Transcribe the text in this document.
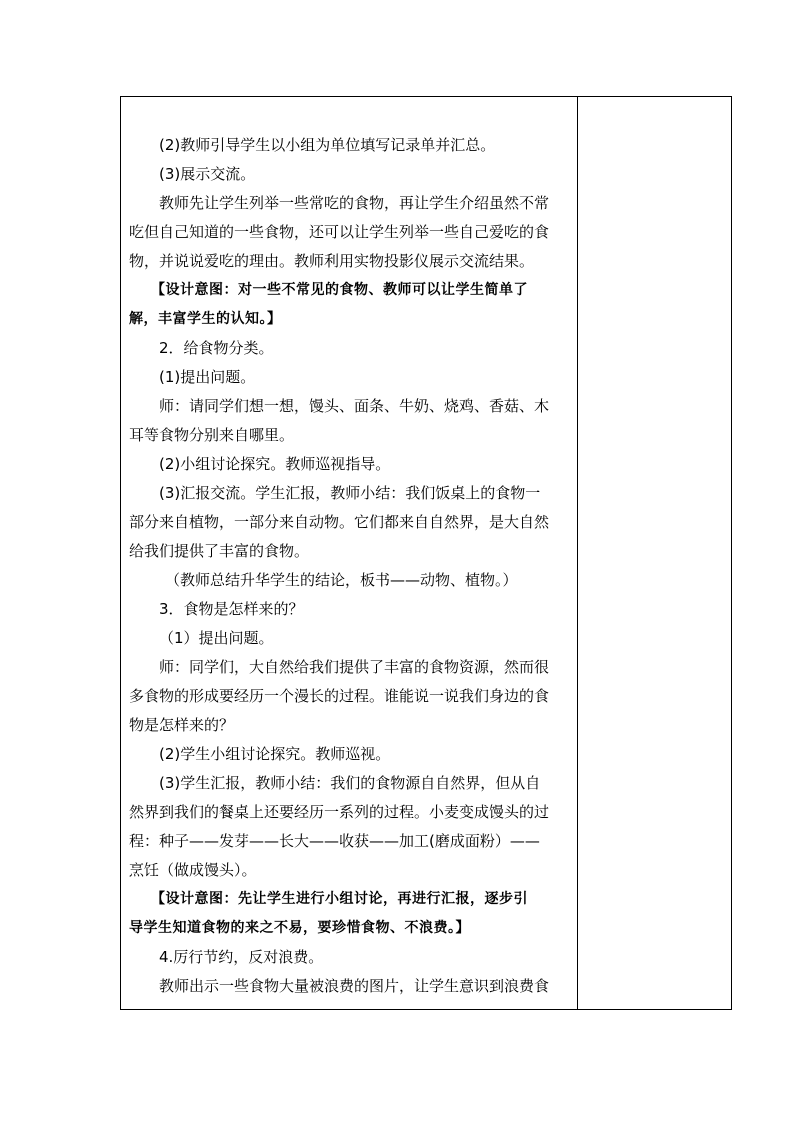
(2)教师引导学生以小组为单位填写记录单并汇总。
(3)展示交流。
教师先让学生列举一些常吃的食物，再让学生介绍虽然不常
吃但自己知道的一些食物，还可以让学生列举一些自己爱吃的食
物，并说说爱吃的理由。教师利用实物投影仪展示交流结果。
【设计意图：对一些不常见的食物、教师可以让学生简单了
解，丰富学生的认知。】
2．给食物分类。
(1)提出问题。
师：请同学们想一想，馒头、面条、牛奶、烧鸡、香菇、木
耳等食物分别来自哪里。
(2)小组讨论探究。教师巡视指导。
(3)汇报交流。学生汇报，教师小结：我们饭桌上的食物一
部分来自植物，一部分来自动物。它们都来自自然界，是大自然
给我们提供了丰富的食物。
（教师总结升华学生的结论，板书——动物、植物。）
3．食物是怎样来的？
（1）提出问题。
师：同学们，大自然给我们提供了丰富的食物资源，然而很
多食物的形成要经历一个漫长的过程。谁能说一说我们身边的食
物是怎样来的？
(2)学生小组讨论探究。教师巡视。
(3)学生汇报，教师小结：我们的食物源自自然界，但从自
然界到我们的餐桌上还要经历一系列的过程。小麦变成馒头的过
程：种子——发芽——长大——收获——加工(磨成面粉）——
烹饪（做成馒头）。
【设计意图：先让学生进行小组讨论，再进行汇报，逐步引
导学生知道食物的来之不易，要珍惜食物、不浪费。】
4.厉行节约，反对浪费。
教师出示一些食物大量被浪费的图片，让学生意识到浪费食
